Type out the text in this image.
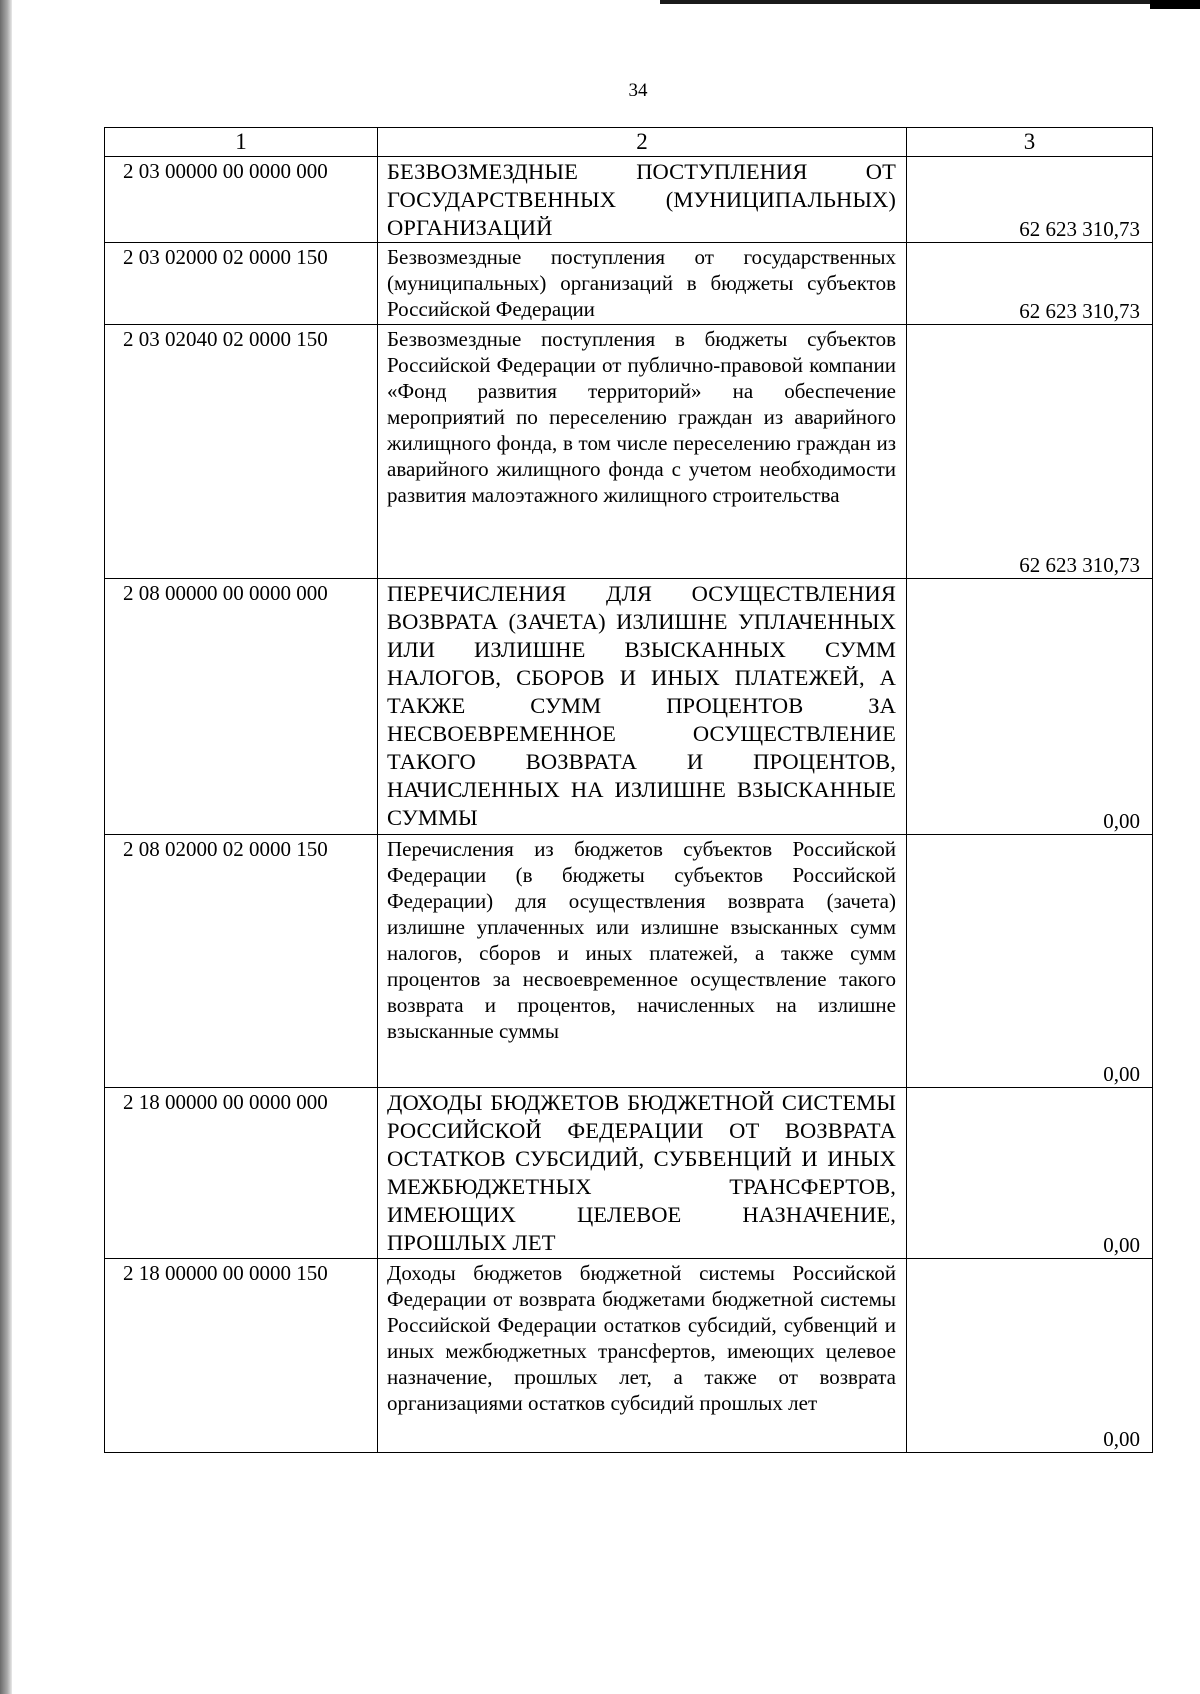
34
1	2	3
2 03 00000 00 0000 000	БЕЗВОЗМЕЗДНЫЕ ПОСТУПЛЕНИЯ ОТ ГОСУДАРСТВЕННЫХ (МУНИЦИПАЛЬНЫХ) ОРГАНИЗАЦИЙ	62 623 310,73
2 03 02000 02 0000 150	Безвозмездные поступления от государственных (муниципальных) организаций в бюджеты субъектов Российской Федерации	62 623 310,73
2 03 02040 02 0000 150	Безвозмездные поступления в бюджеты субъектов Российской Федерации от публично-правовой компании «Фонд развития территорий» на обеспечение мероприятий по переселению граждан из аварийного жилищного фонда, в том числе переселению граждан из аварийного жилищного фонда с учетом необходимости развития малоэтажного жилищного строительства	62 623 310,73
2 08 00000 00 0000 000	ПЕРЕЧИСЛЕНИЯ ДЛЯ ОСУЩЕСТВЛЕНИЯ ВОЗВРАТА (ЗАЧЕТА) ИЗЛИШНЕ УПЛАЧЕННЫХ ИЛИ ИЗЛИШНЕ ВЗЫСКАННЫХ СУММ НАЛОГОВ, СБОРОВ И ИНЫХ ПЛАТЕЖЕЙ, А ТАКЖЕ СУММ ПРОЦЕНТОВ ЗА НЕСВОЕВРЕМЕННОЕ ОСУЩЕСТВЛЕНИЕ ТАКОГО ВОЗВРАТА И ПРОЦЕНТОВ, НАЧИСЛЕННЫХ НА ИЗЛИШНЕ ВЗЫСКАННЫЕ СУММЫ	0,00
2 08 02000 02 0000 150	Перечисления из бюджетов субъектов Российской Федерации (в бюджеты субъектов Российской Федерации) для осуществления возврата (зачета) излишне уплаченных или излишне взысканных сумм налогов, сборов и иных платежей, а также сумм процентов за несвоевременное осуществление такого возврата и процентов, начисленных на излишне взысканные суммы	0,00
2 18 00000 00 0000 000	ДОХОДЫ БЮДЖЕТОВ БЮДЖЕТНОЙ СИСТЕМЫ РОССИЙСКОЙ ФЕДЕРАЦИИ ОТ ВОЗВРАТА ОСТАТКОВ СУБСИДИЙ, СУБВЕНЦИЙ И ИНЫХ МЕЖБЮДЖЕТНЫХ ТРАНСФЕРТОВ, ИМЕЮЩИХ ЦЕЛЕВОЕ НАЗНАЧЕНИЕ, ПРОШЛЫХ ЛЕТ	0,00
2 18 00000 00 0000 150	Доходы бюджетов бюджетной системы Российской Федерации от возврата бюджетами бюджетной системы Российской Федерации остатков субсидий, субвенций и иных межбюджетных трансфертов, имеющих целевое назначение, прошлых лет, а также от возврата организациями остатков субсидий прошлых лет	0,00
